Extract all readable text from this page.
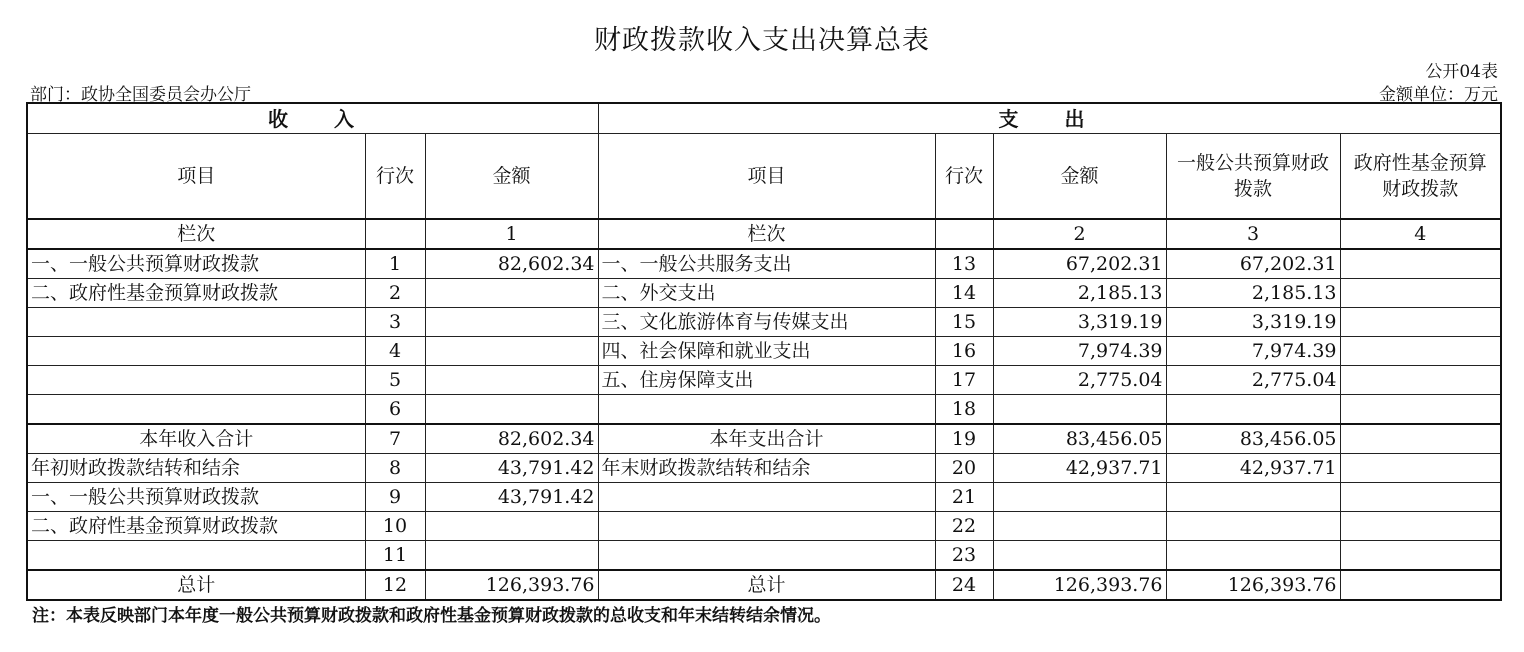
财政拨款收入支出决算总表
公开04表
部门：政协全国委员会办公厅	金额单位：万元
收　　入			支　　出				
项目	行次	金额	项目	行次	金额	一般公共预算财政拨款	政府性基金预算财政拨款
栏次		1	栏次		2	3	4
一、一般公共预算财政拨款	1	82,602.34	一、一般公共服务支出	13	67,202.31	67,202.31	
二、政府性基金预算财政拨款	2		二、外交支出	14	2,185.13	2,185.13	
	3		三、文化旅游体育与传媒支出	15	3,319.19	3,319.19	
	4		四、社会保障和就业支出	16	7,974.39	7,974.39	
	5		五、住房保障支出	17	2,775.04	2,775.04	
	6			18			
本年收入合计	7	82,602.34	本年支出合计	19	83,456.05	83,456.05	
年初财政拨款结转和结余	8	43,791.42	年末财政拨款结转和结余	20	42,937.71	42,937.71	
一、一般公共预算财政拨款	9	43,791.42		21			
二、政府性基金预算财政拨款	10			22			
	11			23			
总计	12	126,393.76	总计	24	126,393.76	126,393.76	
注：本表反映部门本年度一般公共预算财政拨款和政府性基金预算财政拨款的总收支和年末结转结余情况。
